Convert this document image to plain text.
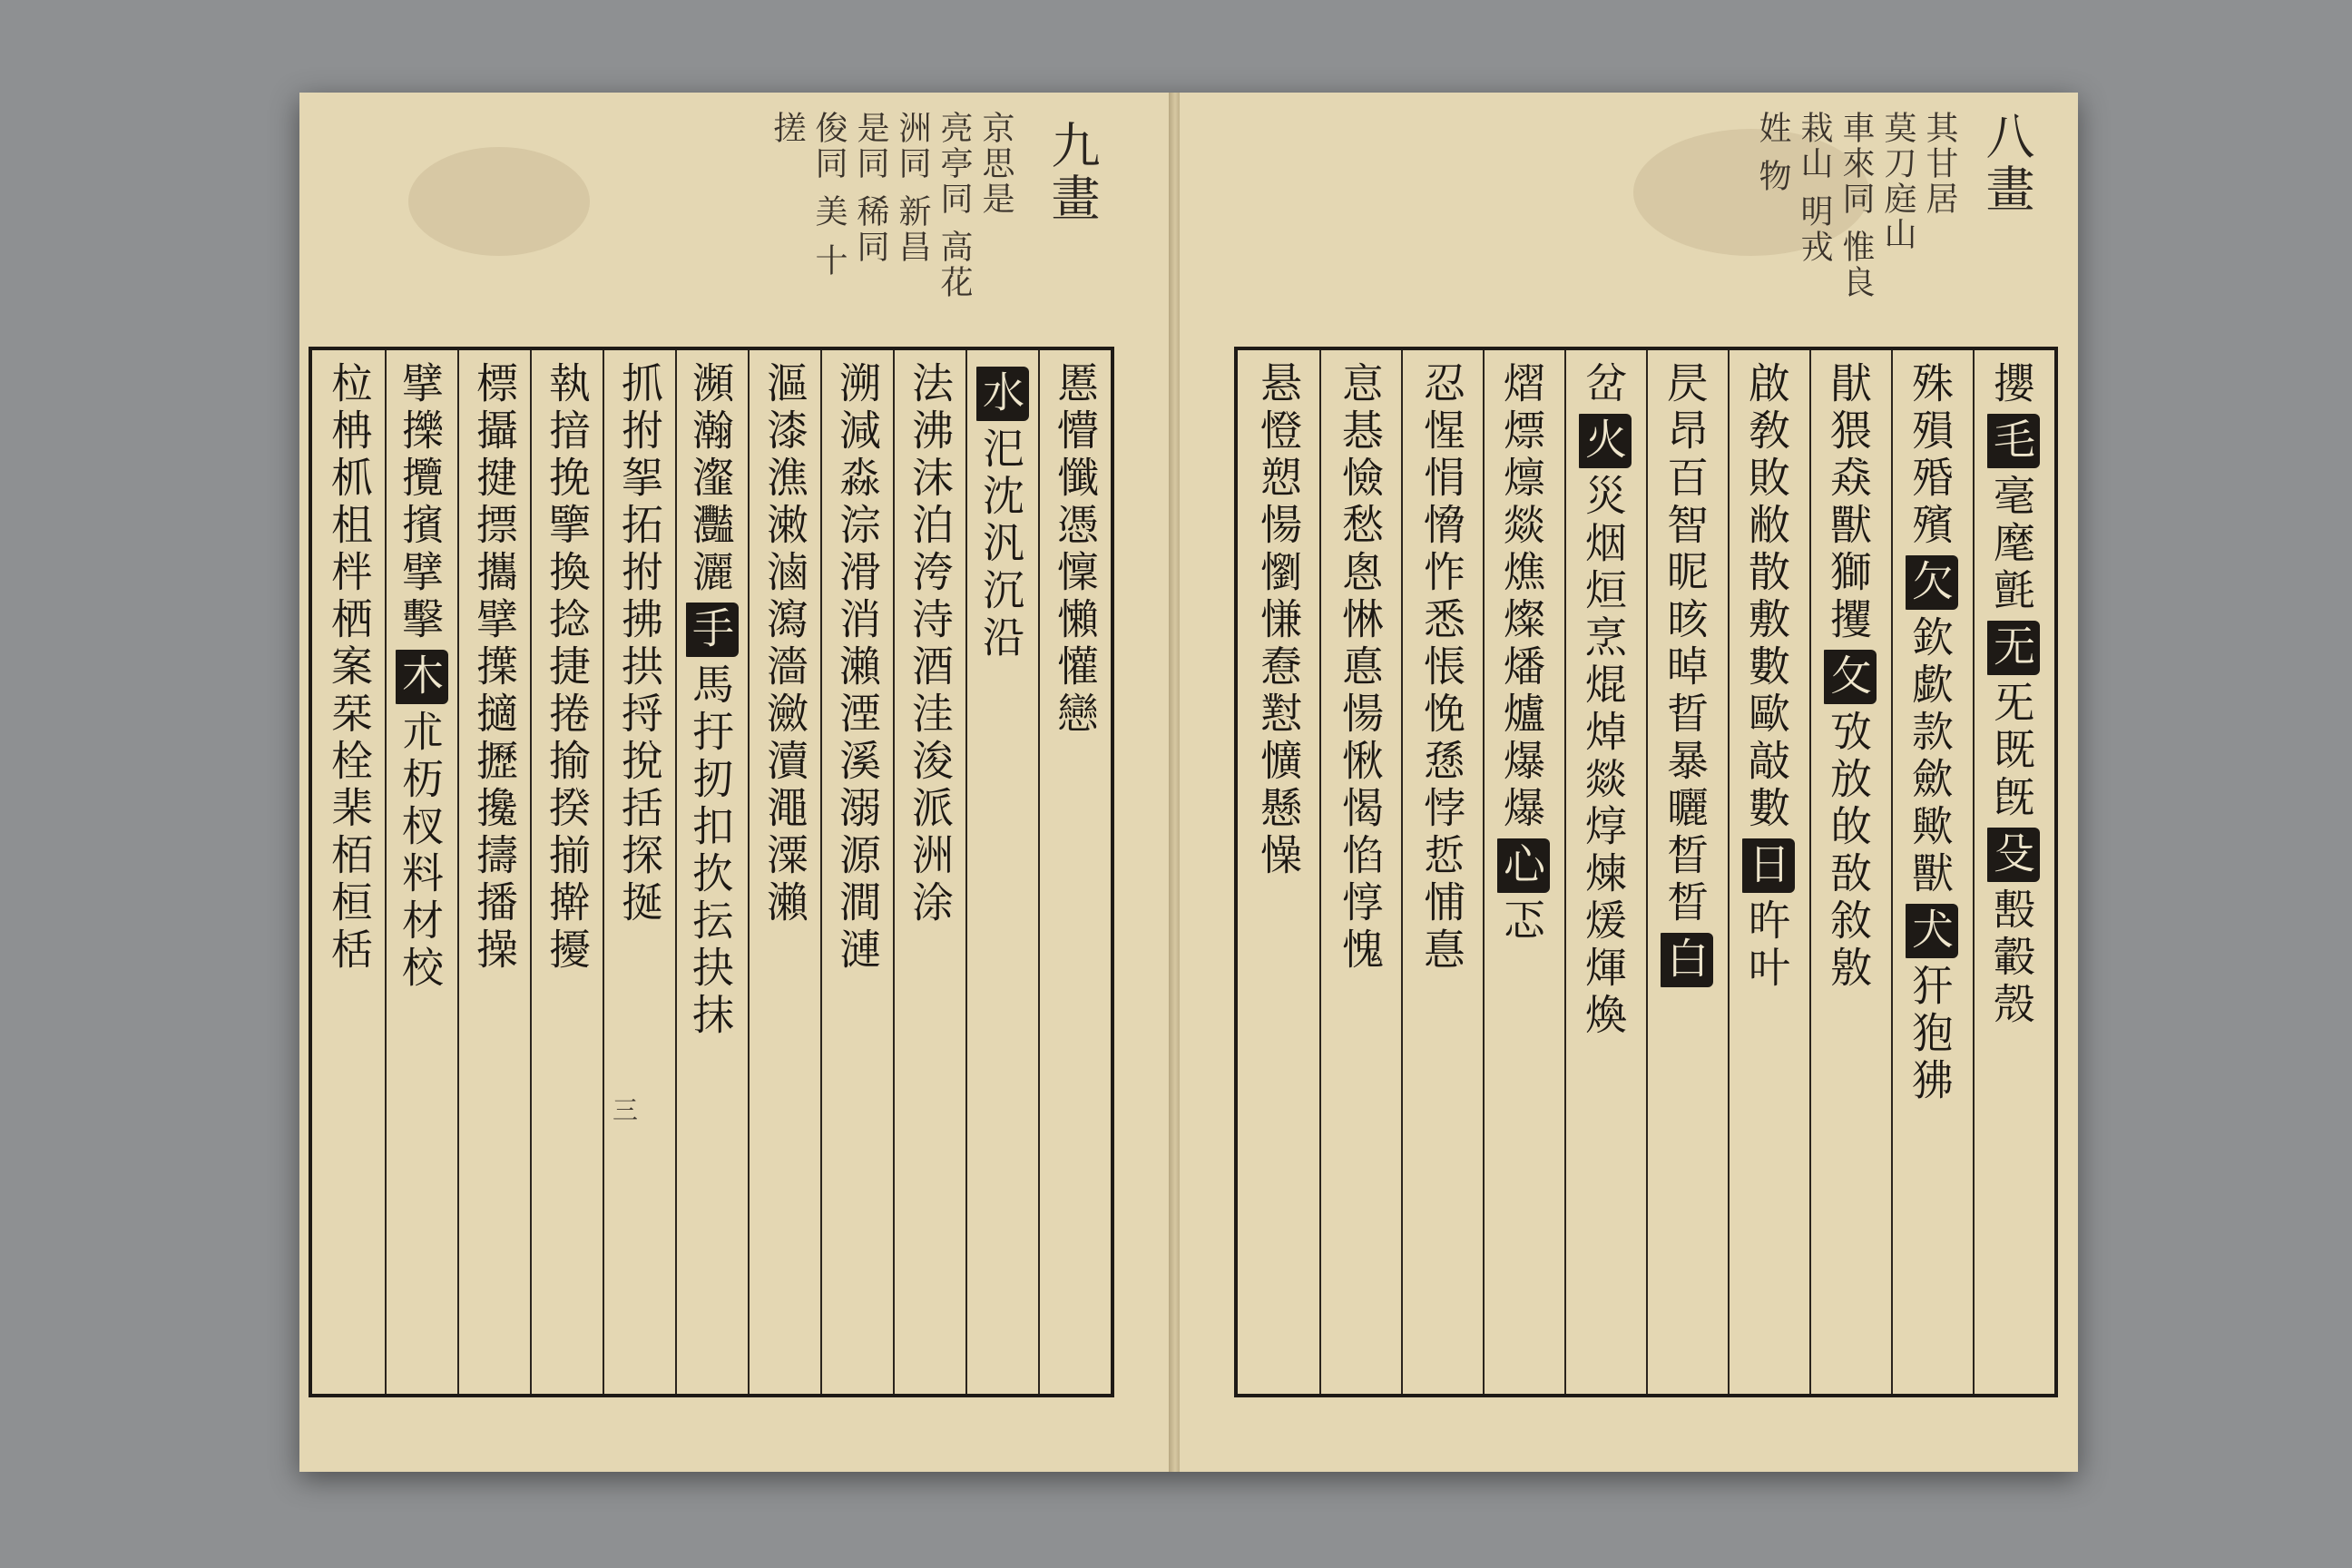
九畫
京思是 亮亭同 高花 洲同 新昌 是同 稀同 俊同 美 十 搓
慝懵懺憑懍懶懽戀
水汜沈汎沉沿
法沸沫泊洿洔酒洼浚派洲涂
溯減淼淙滑消瀨湮溪溺源澗漣
漚漆潐潄滷瀉濇瀲瀆澠潥瀨
瀕瀚瀣灩灑手馬扜扨扣扻抎抉抹
抓拊挐拓拊拂拱捋挩括探挻
執揞挽擥換捻捷捲揄揆揃擀擾
標攝揵摽攜擘擛擿攊攙擣播操
擘擽攬擯擘擊木朮杤杈料材校
柆柟枛柤柈栖案栞栓棐栢桓栝
三
八畫
其甘居 莫刀庭山 車來同 惟良 栽山 明戎 姓 物
攖毛毫麾氈无旡既旣殳毄轂殼
殊殞殙殯欠欽歔款歛歟獸犬犴狍狒
猒猥猋獸獅攫攵攷放敀敔敘敫
啟敎敗敝散敷數歐敲數日旿叶
昃昂百智昵晐晫晢暴曬晳晳白
岔火災烟烜烹焜焯燚焞煉煖煇煥
熠熛燷燚燋燦燔爐爆爆心忑
忍惺悁愶怍悉悵悗愻悖悊悑惪
恴惎憸愁悤惏悳愓愀愒惂惇愧
悬憕愬愓懰慊憃懟懭懸懆
